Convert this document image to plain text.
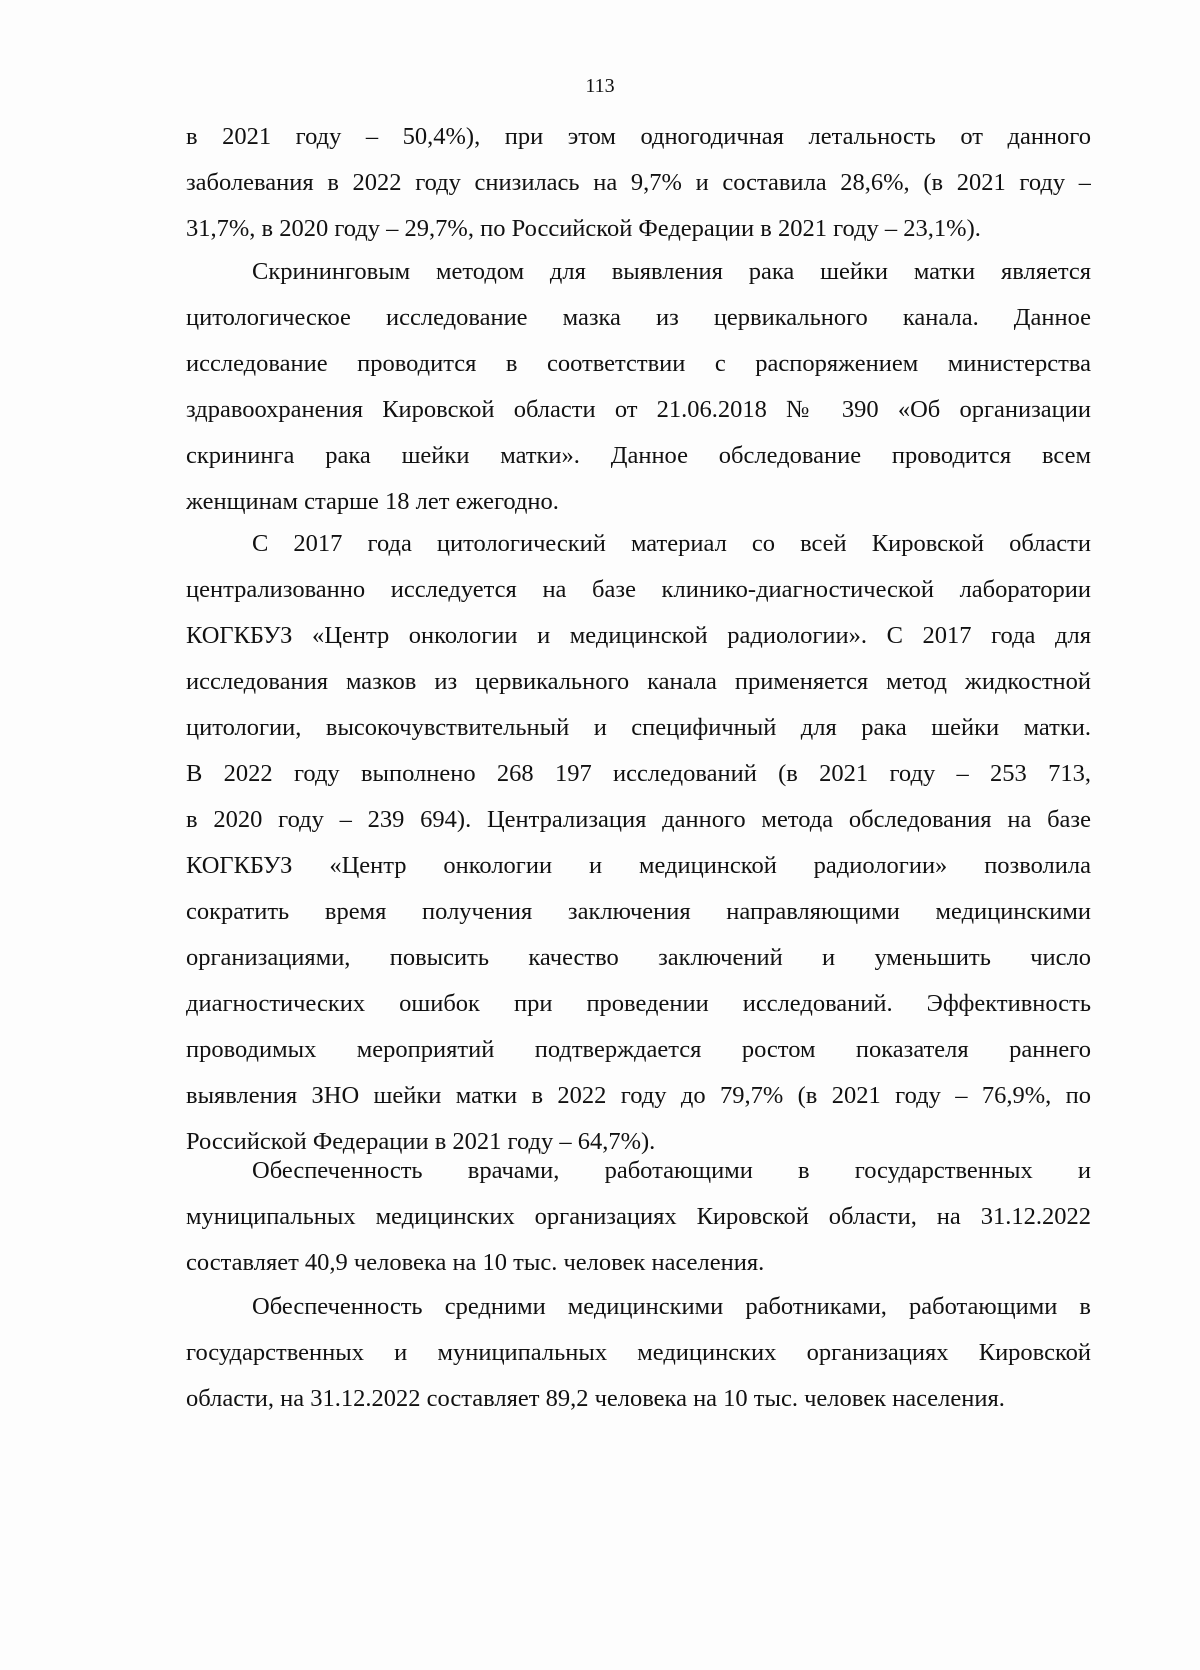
113
в 2021 году – 50,4%), при этом одногодичная летальность от данного
заболевания в 2022 году снизилась на 9,7% и составила 28,6%, (в 2021 году –
31,7%, в 2020 году – 29,7%, по Российской Федерации в 2021 году – 23,1%).
Скрининговым методом для выявления рака шейки матки является
цитологическое исследование мазка из цервикального канала. Данное
исследование проводится в соответствии с распоряжением министерства
здравоохранения Кировской области от 21.06.2018 № 390 «Об организации
скрининга рака шейки матки». Данное обследование проводится всем
женщинам старше 18 лет ежегодно.
С 2017 года цитологический материал со всей Кировской области
централизованно исследуется на базе клинико-диагностической лаборатории
КОГКБУЗ «Центр онкологии и медицинской радиологии». С 2017 года для
исследования мазков из цервикального канала применяется метод жидкостной
цитологии, высокочувствительный и специфичный для рака шейки матки.
В 2022 году выполнено 268 197 исследований (в 2021 году – 253 713,
в 2020 году – 239 694). Централизация данного метода обследования на базе
КОГКБУЗ «Центр онкологии и медицинской радиологии» позволила
сократить время получения заключения направляющими медицинскими
организациями, повысить качество заключений и уменьшить число
диагностических ошибок при проведении исследований. Эффективность
проводимых мероприятий подтверждается ростом показателя раннего
выявления ЗНО шейки матки в 2022 году до 79,7% (в 2021 году – 76,9%, по
Российской Федерации в 2021 году – 64,7%).
Обеспеченность врачами, работающими в государственных и
муниципальных медицинских организациях Кировской области, на 31.12.2022
составляет 40,9 человека на 10 тыс. человек населения.
Обеспеченность средними медицинскими работниками, работающими в
государственных и муниципальных медицинских организациях Кировской
области, на 31.12.2022 составляет 89,2 человека на 10 тыс. человек населения.
